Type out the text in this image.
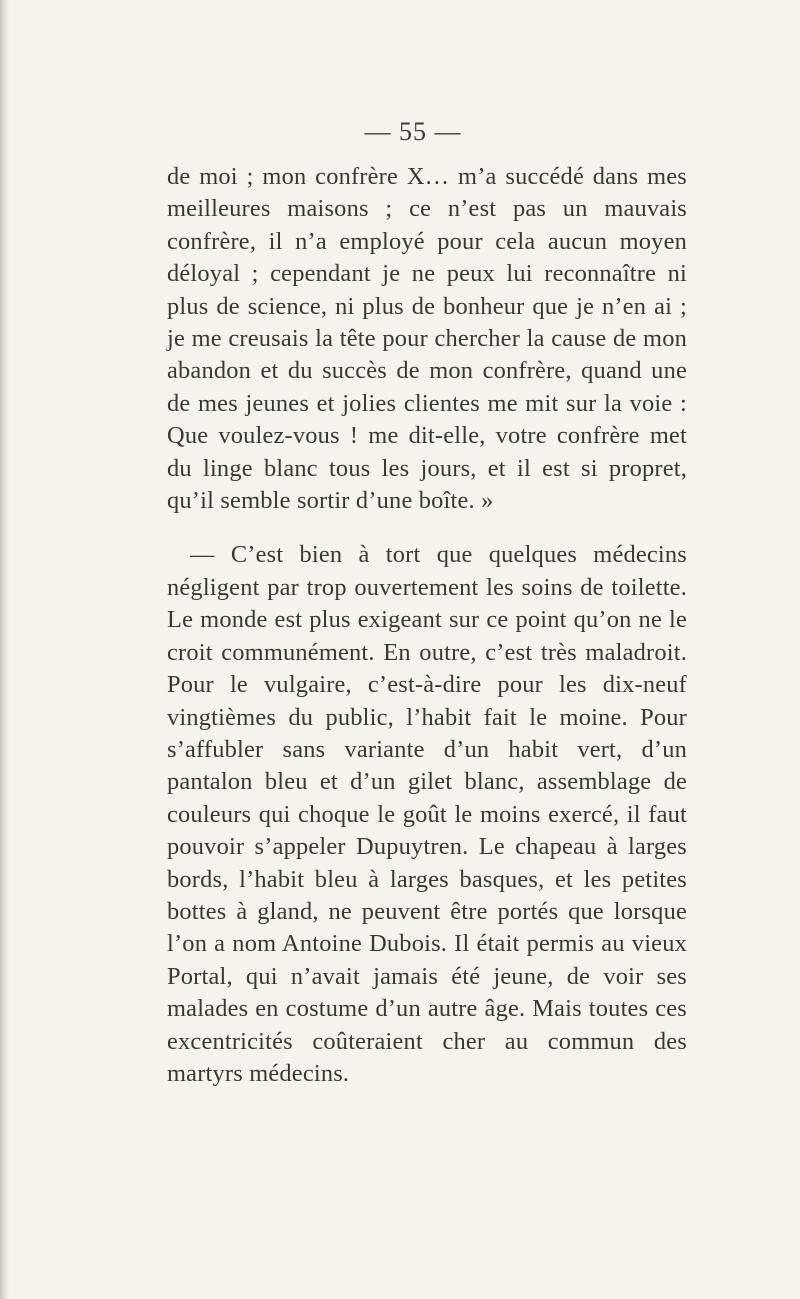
— 55 —

de moi ; mon confrère X… m’a succédé dans mes meilleures maisons ; ce n’est pas un mauvais confrère, il n’a employé pour cela aucun moyen déloyal ; cependant je ne peux lui reconnaître ni plus de science, ni plus de bonheur que je n’en ai ; je me creusais la tête pour chercher la cause de mon abandon et du succès de mon confrère, quand une de mes jeunes et jolies clientes me mit sur la voie : Que voulez-vous ! me dit-elle, votre confrère met du linge blanc tous les jours, et il est si propret, qu’il semble sortir d’une boîte. »

— C’est bien à tort que quelques médecins négligent par trop ouvertement les soins de toilette. Le monde est plus exigeant sur ce point qu’on ne le croit communément. En outre, c’est très maladroit. Pour le vulgaire, c’est-à-dire pour les dix-neuf vingtièmes du public, l’habit fait le moine. Pour s’affubler sans variante d’un habit vert, d’un pantalon bleu et d’un gilet blanc, assemblage de couleurs qui choque le goût le moins exercé, il faut pouvoir s’appeler Dupuytren. Le chapeau à larges bords, l’habit bleu à larges basques, et les petites bottes à gland, ne peuvent être portés que lorsque l’on a nom Antoine Dubois. Il était permis au vieux Portal, qui n’avait jamais été jeune, de voir ses malades en costume d’un autre âge. Mais toutes ces excentricités coûteraient cher au commun des martyrs médecins.
